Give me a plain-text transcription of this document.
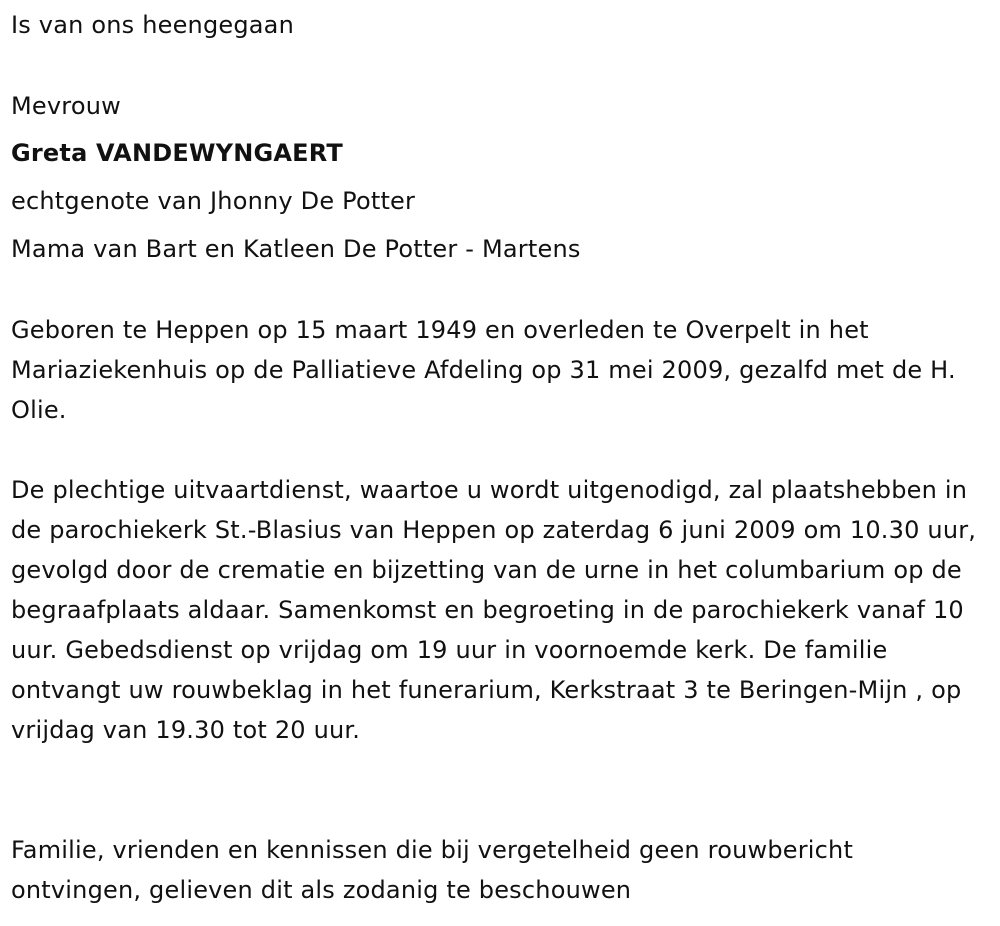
Is van ons heengegaan
Mevrouw
Greta VANDEWYNGAERT
echtgenote van Jhonny De Potter
Mama van Bart en Katleen De Potter - Martens
Geboren te Heppen op 15 maart 1949 en overleden te Overpelt in het Mariaziekenhuis op de Palliatieve Afdeling op 31 mei 2009, gezalfd met de H. Olie.
De plechtige uitvaartdienst, waartoe u wordt uitgenodigd, zal plaatshebben in de parochiekerk St.-Blasius van Heppen op zaterdag 6 juni 2009 om 10.30 uur, gevolgd door de crematie en bijzetting van de urne in het columbarium op de begraafplaats aldaar. Samenkomst en begroeting in de parochiekerk vanaf 10 uur. Gebedsdienst op vrijdag om 19 uur in voornoemde kerk. De familie ontvangt uw rouwbeklag in het funerarium, Kerkstraat 3 te Beringen-Mijn , op vrijdag van 19.30 tot 20 uur.
Familie, vrienden en kennissen die bij vergetelheid geen rouwbericht ontvingen, gelieven dit als zodanig te beschouwen
